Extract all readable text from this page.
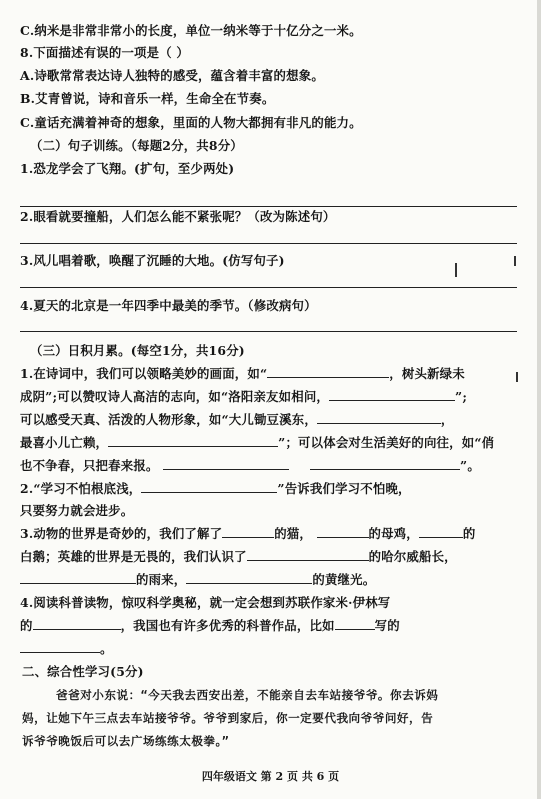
C.纳米是非常非常小的长度，单位一纳米等于十亿分之一米。
8.下面描述有误的一项是（ ）
A.诗歌常常表达诗人独特的感受，蕴含着丰富的想象。
B.艾青曾说，诗和音乐一样，生命全在节奏。
C.童话充满着神奇的想象，里面的人物大都拥有非凡的能力。
（二）句子训练。（每题2分，共8分）
1.恐龙学会了飞翔。(扩句，至少两处)
2.眼看就要撞船，人们怎么能不紧张呢？（改为陈述句）
3.风儿唱着歌，唤醒了沉睡的大地。(仿写句子)
4.夏天的北京是一年四季中最美的季节。（修改病句）
（三）日积月累。(每空1分，共16分)
1.在诗词中，我们可以领略美妙的画面，如“	，树头新绿未
成阴”;可以赞叹诗人高洁的志向，如“洛阳亲友如相问，	”;
可以感受天真、活泼的人物形象，如“大儿锄豆溪东，	，
最喜小儿亡赖，	”；可以体会对生活美好的向往，如“俏
也不争春，只把春来报。	”。
2.“学习不怕根底浅，	”告诉我们学习不怕晚，
只要努力就会进步。
3.动物的世界是奇妙的，我们了解了	的猫，	的母鸡，	的
白鹅；英雄的世界是无畏的，我们认识了	的哈尔威船长，
的雨来，	的黄继光。
4.阅读科普读物，惊叹科学奥秘，就一定会想到苏联作家米·伊林写
的	，我国也有许多优秀的科普作品，比如	写的
。
二、综合性学习(5分)
爸爸对小东说：“今天我去西安出差，不能亲自去车站接爷爷。你去诉妈
妈，让她下午三点去车站接爷爷。爷爷到家后，你一定要代我向爷爷问好，告
诉爷爷晚饭后可以去广场练练太极拳。”
四年级语文 第 2 页 共 6 页
